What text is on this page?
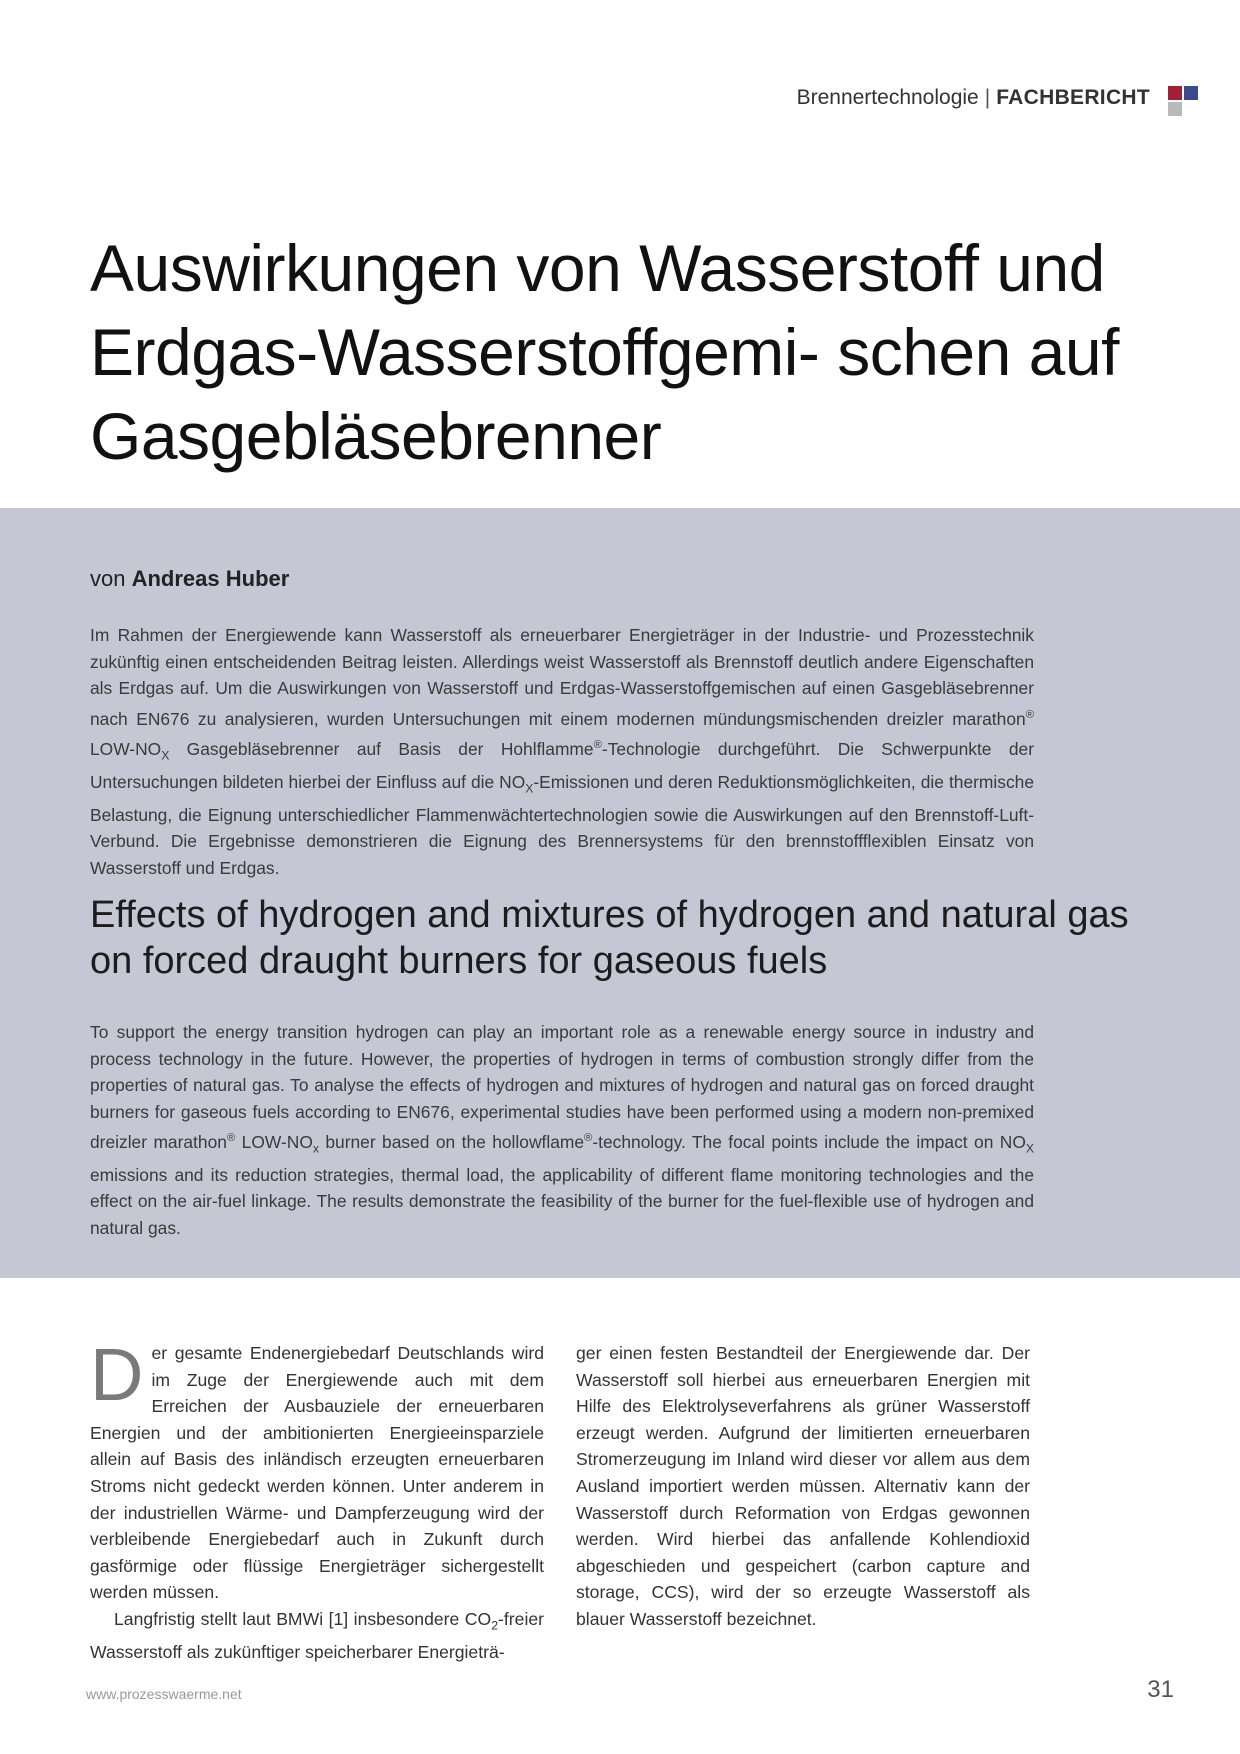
Brennertechnologie | FACHBERICHT
Auswirkungen von Wasserstoff und Erdgas-Wasserstoffgemi- schen auf Gasgebläsebrenner
von Andreas Huber

Im Rahmen der Energiewende kann Wasserstoff als erneuerbarer Energieträger in der Industrie- und Prozesstechnik zukünftig einen entscheidenden Beitrag leisten. Allerdings weist Wasserstoff als Brennstoff deutlich andere Eigenschaften als Erdgas auf. Um die Auswirkungen von Wasserstoff und Erdgas-Wasserstoffgemischen auf einen Gasgebläsebrenner nach EN676 zu analysieren, wurden Untersuchungen mit einem modernen mündungsmischenden dreizler marathon® LOW-$NO_X$ Gasgebläsebrenner auf Basis der Hohlflamme®-Technologie durchgeführt. Die Schwerpunkte der Untersuchungen bildeten hierbei der Einfluss auf die $NO_X$-Emissionen und deren Reduktionsmöglichkeiten, die thermische Belastung, die Eignung unterschiedlicher Flammenwächtertechnologien sowie die Auswirkungen auf den Brennstoff-Luft-Verbund. Die Ergebnisse demonstrieren die Eignung des Brennersystems für den brennstoffflexiblen Einsatz von Wasserstoff und Erdgas.

Effects of hydrogen and mixtures of hydrogen and natural gas on forced draught burners for gaseous fuels

To support the energy transition hydrogen can play an important role as a renewable energy source in industry and process technology in the future. However, the properties of hydrogen in terms of combustion strongly differ from the properties of natural gas. To analyse the effects of hydrogen and mixtures of hydrogen and natural gas on forced draught burners for gaseous fuels according to EN676, experimental studies have been performed using a modern non-premixed dreizler marathon® LOW-$NO_x$ burner based on the hollowflame®-technology. The focal points include the impact on $NO_X$ emissions and its reduction strategies, thermal load, the applicability of different flame monitoring technologies and the effect on the air-fuel linkage. The results demonstrate the feasibility of the burner for the fuel-flexible use of hydrogen and natural gas.

Der gesamte Endenergiebedarf Deutschlands wird im Zuge der Energiewende auch mit dem Erreichen der Ausbauziele der erneuerbaren Energien und der ambitionierten Energieeinsparziele allein auf Basis des inländisch erzeugten erneuerbaren Stroms nicht gedeckt werden können. Unter anderem in der industriellen Wärme- und Dampferzeugung wird der verbleibende Energiebedarf auch in Zukunft durch gasförmige oder flüssige Energieträger sichergestellt werden müssen.

Langfristig stellt laut BMWi [1] insbesondere $CO_2$-freier Wasserstoff als zukünftiger speicherbarer Energieträ-

ger einen festen Bestandteil der Energiewende dar. Der Wasserstoff soll hierbei aus erneuerbaren Energien mit Hilfe des Elektrolyseverfahrens als grüner Wasserstoff erzeugt werden. Aufgrund der limitierten erneuerbaren Stromerzeugung im Inland wird dieser vor allem aus dem Ausland importiert werden müssen. Alternativ kann der Wasserstoff durch Reformation von Erdgas gewonnen werden. Wird hierbei das anfallende Kohlendioxid abgeschieden und gespeichert (carbon capture and storage, CCS), wird der so erzeugte Wasserstoff als blauer Wasserstoff bezeichnet.

www.prozesswaerme.net	31
